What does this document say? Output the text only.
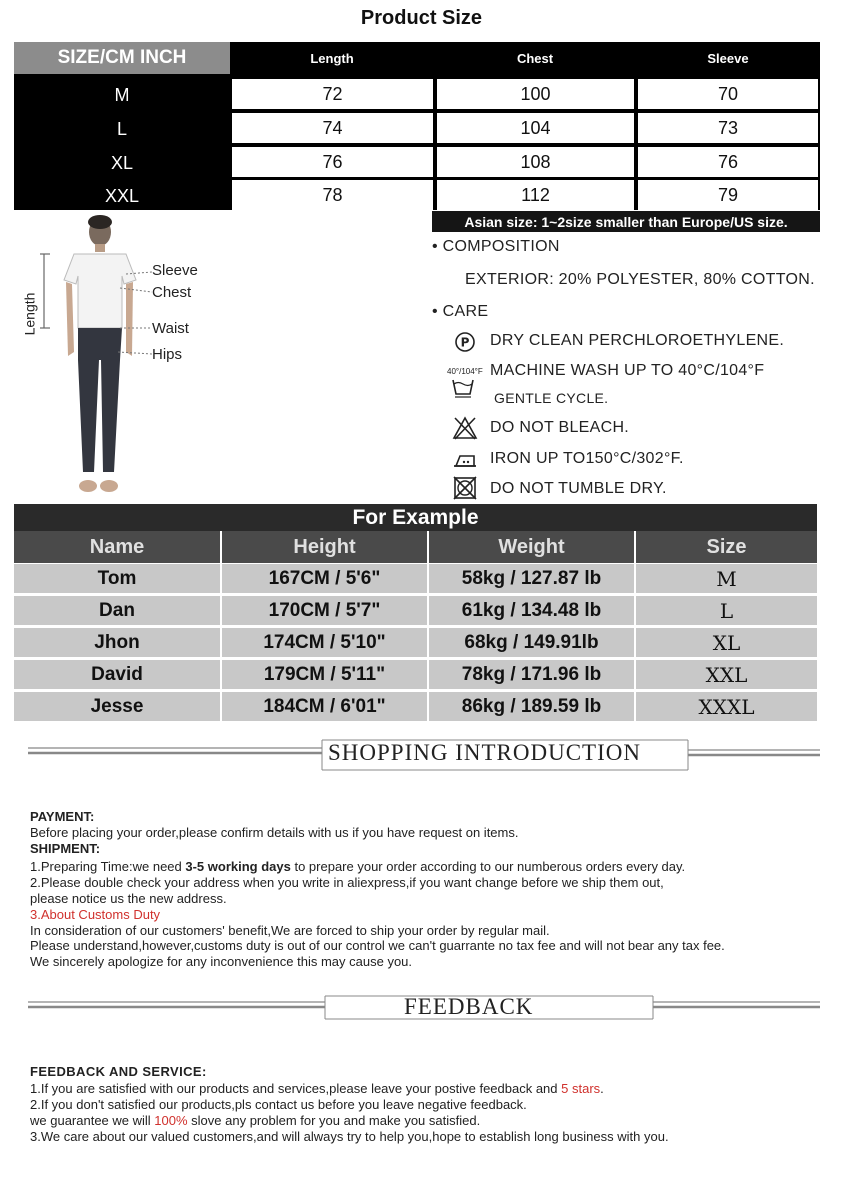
Product Size
SIZE/CM INCH	Length	Chest	Sleeve
M	72	100	70
L	74	104	73
XL	76	108	76
XXL	78	112	79
Asian size: 1~2size smaller than Europe/US size.
Sleeve
Chest
Waist
Hips
Length
• COMPOSITION
EXTERIOR: 20% POLYESTER, 80% COTTON.
• CARE
P DRY CLEAN PERCHLOROETHYLENE.
40°/104°F MACHINE WASH UP TO 40°C/104°F
GENTLE CYCLE.
DO NOT BLEACH.
IRON UP TO150°C/302°F.
DO NOT TUMBLE DRY.
For Example
Name	Height	Weight	Size
Tom	167CM / 5'6"	58kg / 127.87 lb	M
Dan	170CM / 5'7"	61kg / 134.48 lb	L
Jhon	174CM / 5'10"	68kg / 149.91lb	XL
David	179CM / 5'11"	78kg / 171.96 lb	XXL
Jesse	184CM / 6'01"	86kg / 189.59 lb	XXXL
SHOPPING INTRODUCTION
PAYMENT:
Before placing your order,please confirm details with us if you have request on items.
SHIPMENT:
1.Preparing Time:we need 3-5 working days to prepare your order according to our numberous orders every day.
2.Please double check your address when you write in aliexpress,if you want change before we ship them out,
please notice us the new address.
3.About Customs Duty
In consideration of our customers' benefit,We are forced to ship your order by regular mail.
Please understand,however,customs duty is out of our control we can't guarrante no tax fee and will not bear any tax fee.
We sincerely apologize for any inconvenience this may cause you.
FEEDBACK
FEEDBACK AND SERVICE:
1.If you are satisfied with our products and services,please leave your postive feedback and 5 stars.
2.If you don't satisfied our products,pls contact us before you leave negative feedback.
we guarantee we will 100% slove any problem for you and make you satisfied.
3.We care about our valued customers,and will always try to help you,hope to establish long business with you.
